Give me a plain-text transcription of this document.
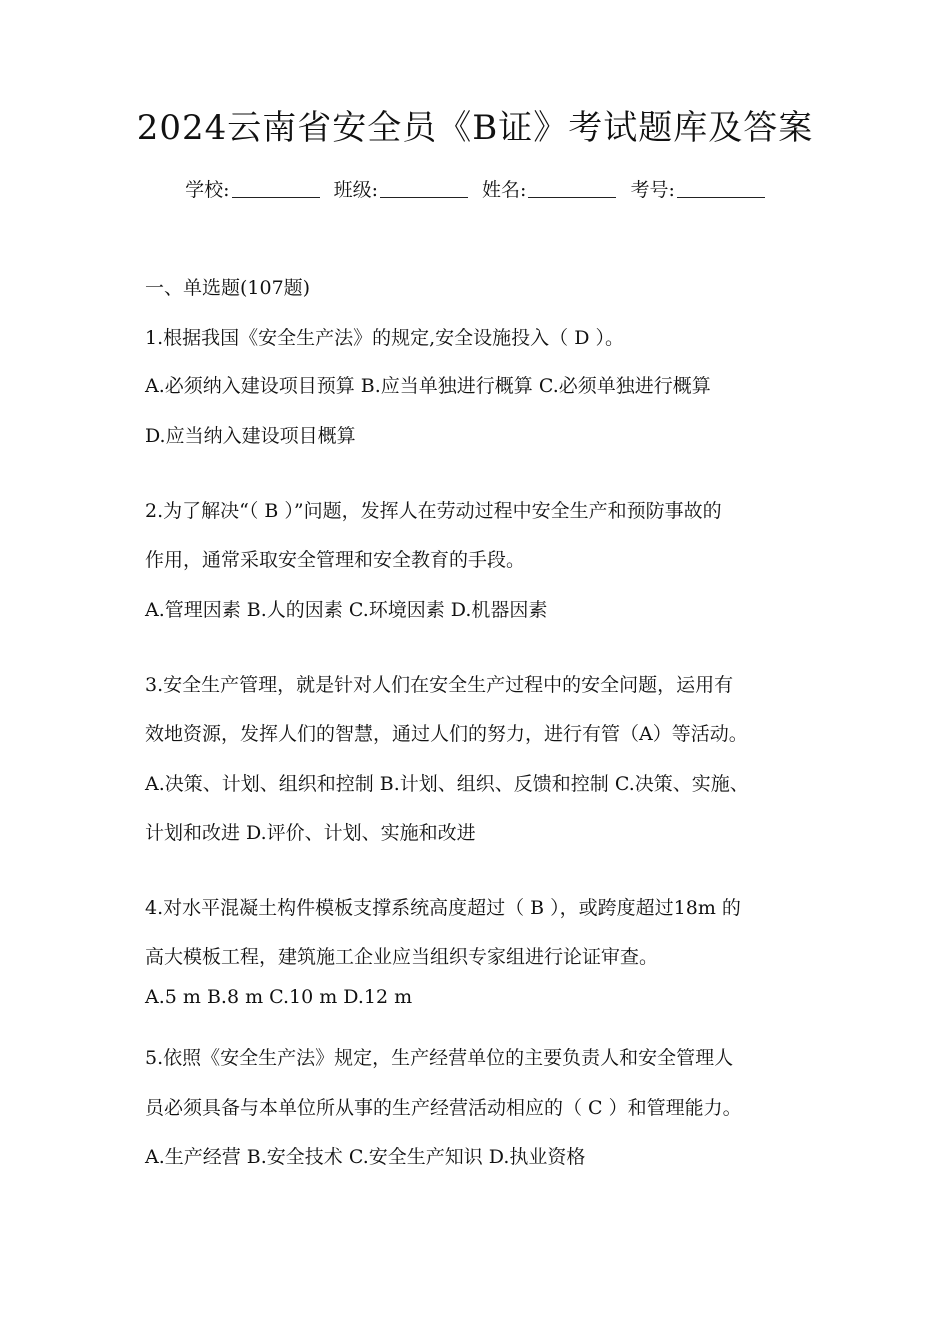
2024云南省安全员《B证》考试题库及答案
学校:	班级:	姓名:	考号:
一、单选题(107题)
1.根据我国《安全生产法》的规定,安全设施投入（ D ）。
A.必须纳入建设项目预算 B.应当单独进行概算 C.必须单独进行概算
D.应当纳入建设项目概算
2.为了解决“（ B ）”问题，发挥人在劳动过程中安全生产和预防事故的
作用，通常采取安全管理和安全教育的手段。
A.管理因素 B.人的因素 C.环境因素 D.机器因素
3.安全生产管理，就是针对人们在安全生产过程中的安全问题，运用有
效地资源，发挥人们的智慧，通过人们的努力，进行有管（A）等活动。
A.决策、计划、组织和控制 B.计划、组织、反馈和控制 C.决策、实施、
计划和改进 D.评价、计划、实施和改进
4.对水平混凝土构件模板支撑系统高度超过（ B ），或跨度超过18m 的
高大模板工程，建筑施工企业应当组织专家组进行论证审查。
A.5 m B.8 m C.10 m D.12 m
5.依照《安全生产法》规定，生产经营单位的主要负责人和安全管理人
员必须具备与本单位所从事的生产经营活动相应的（ C ）和管理能力。
A.生产经营 B.安全技术 C.安全生产知识 D.执业资格
